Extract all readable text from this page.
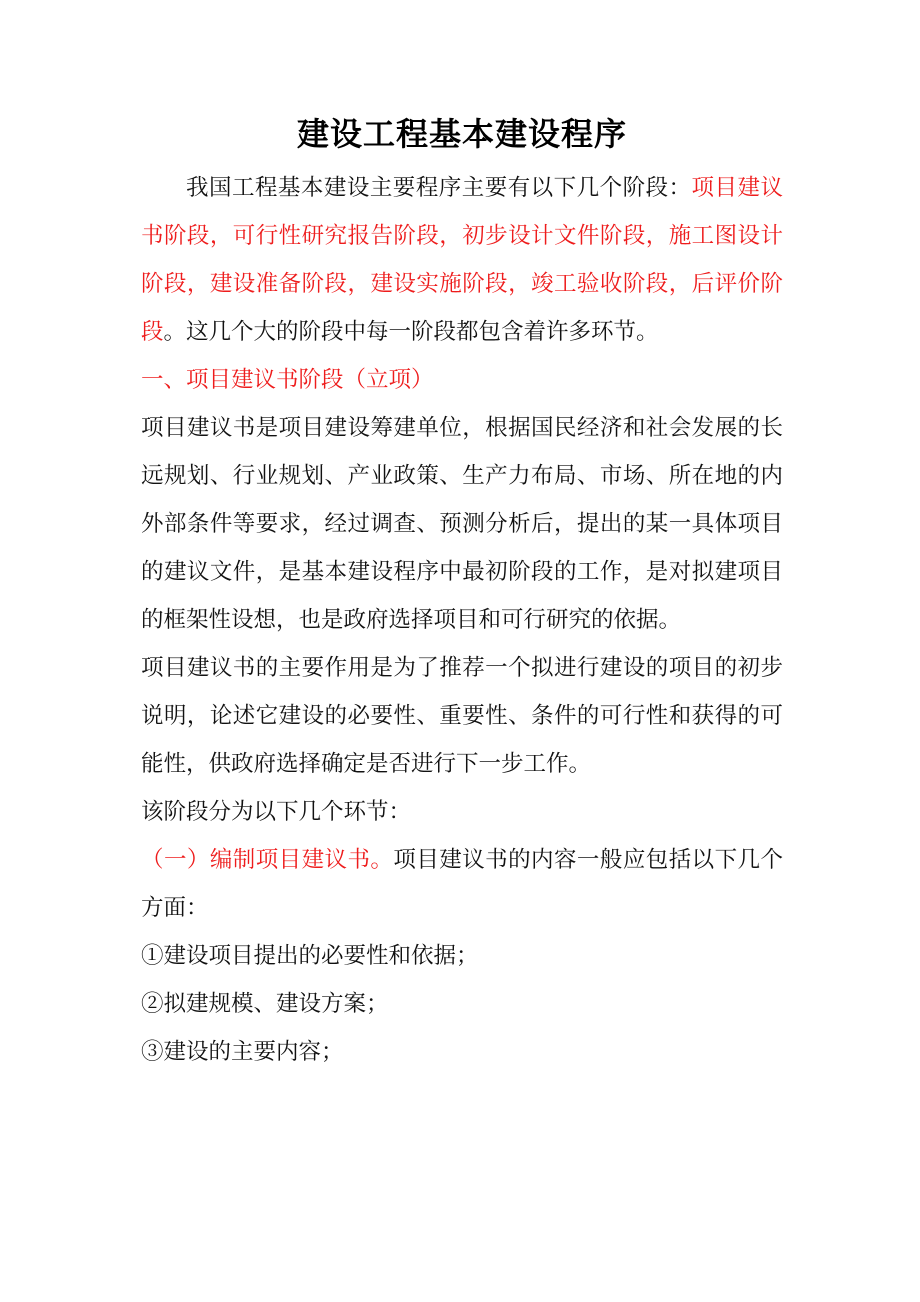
建设工程基本建设程序

我国工程基本建设主要程序主要有以下几个阶段：项目建议书阶段，可行性研究报告阶段，初步设计文件阶段，施工图设计阶段，建设准备阶段，建设实施阶段，竣工验收阶段，后评价阶段。这几个大的阶段中每一阶段都包含着许多环节。

一、项目建议书阶段（立项）

项目建议书是项目建设筹建单位，根据国民经济和社会发展的长远规划、行业规划、产业政策、生产力布局、市场、所在地的内外部条件等要求，经过调查、预测分析后，提出的某一具体项目的建议文件，是基本建设程序中最初阶段的工作，是对拟建项目的框架性设想，也是政府选择项目和可行研究的依据。

项目建议书的主要作用是为了推荐一个拟进行建设的项目的初步说明，论述它建设的必要性、重要性、条件的可行性和获得的可能性，供政府选择确定是否进行下一步工作。

该阶段分为以下几个环节：

（一）编制项目建议书。项目建议书的内容一般应包括以下几个方面：

①建设项目提出的必要性和依据；

②拟建规模、建设方案；

③建设的主要内容；
